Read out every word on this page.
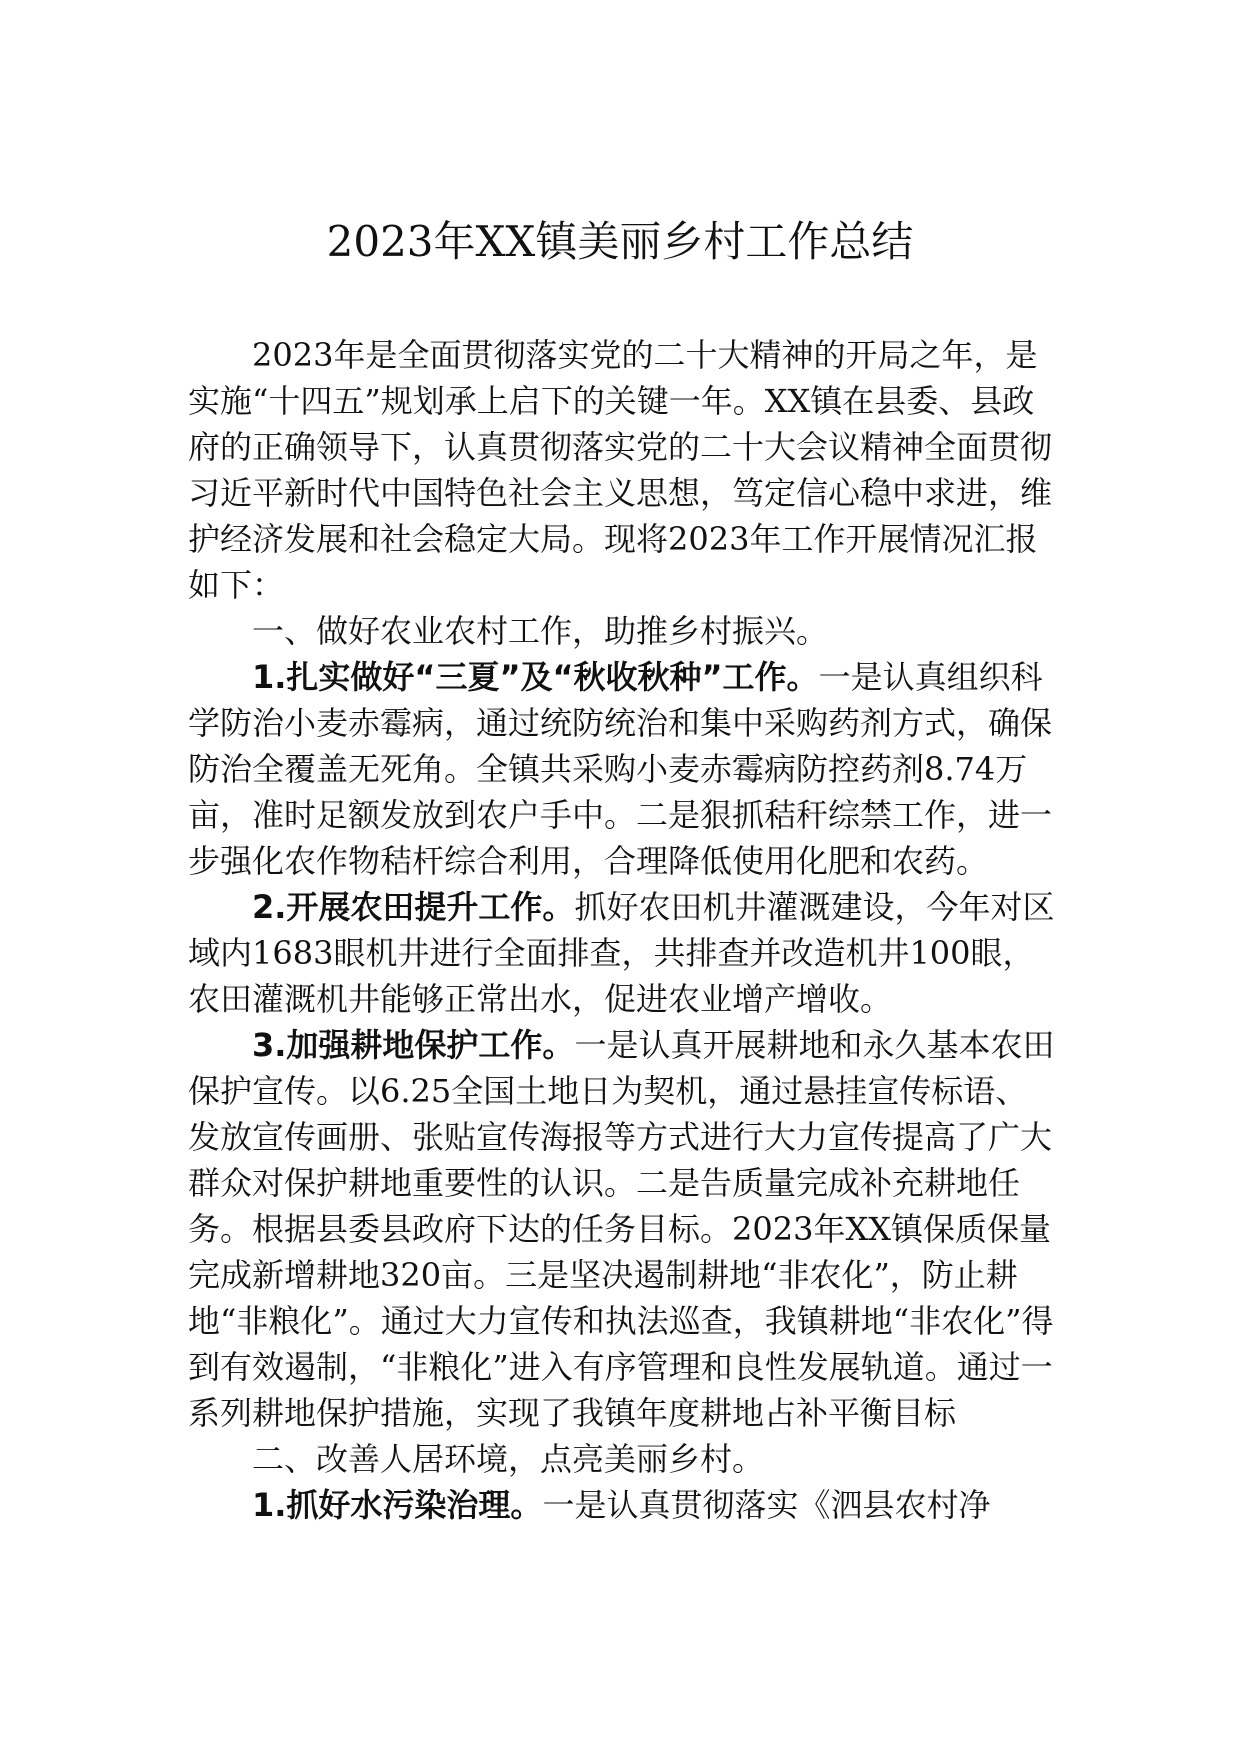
2023年XX镇美丽乡村工作总结

2023年是全面贯彻落实党的二十大精神的开局之年，是实施“十四五”规划承上启下的关键一年。XX镇在县委、县政府的正确领导下，认真贯彻落实党的二十大会议精神全面贯彻习近平新时代中国特色社会主义思想，笃定信心稳中求进，维护经济发展和社会稳定大局。现将2023年工作开展情况汇报如下：

一、做好农业农村工作，助推乡村振兴。

1.扎实做好“三夏”及“秋收秋种”工作。一是认真组织科学防治小麦赤霉病，通过统防统治和集中采购药剂方式，确保防治全覆盖无死角。全镇共采购小麦赤霉病防控药剂8.74万亩，准时足额发放到农户手中。二是狠抓秸秆综禁工作，进一步强化农作物秸杆综合利用，合理降低使用化肥和农药。

2.开展农田提升工作。抓好农田机井灌溉建设，今年对区域内1683眼机井进行全面排查，共排查并改造机井100眼，农田灌溉机井能够正常出水，促进农业增产增收。

3.加强耕地保护工作。一是认真开展耕地和永久基本农田保护宣传。以6.25全国土地日为契机，通过悬挂宣传标语、发放宣传画册、张贴宣传海报等方式进行大力宣传提高了广大群众对保护耕地重要性的认识。二是告质量完成补充耕地任务。根据县委县政府下达的任务目标。2023年XX镇保质保量完成新增耕地320亩。三是坚决遏制耕地“非农化”，防止耕地“非粮化”。通过大力宣传和执法巡查，我镇耕地“非农化”得到有效遏制，“非粮化”进入有序管理和良性发展轨道。通过一系列耕地保护措施，实现了我镇年度耕地占补平衡目标

二、改善人居环境，点亮美丽乡村。

1.抓好水污染治理。一是认真贯彻落实《泗县农村净
